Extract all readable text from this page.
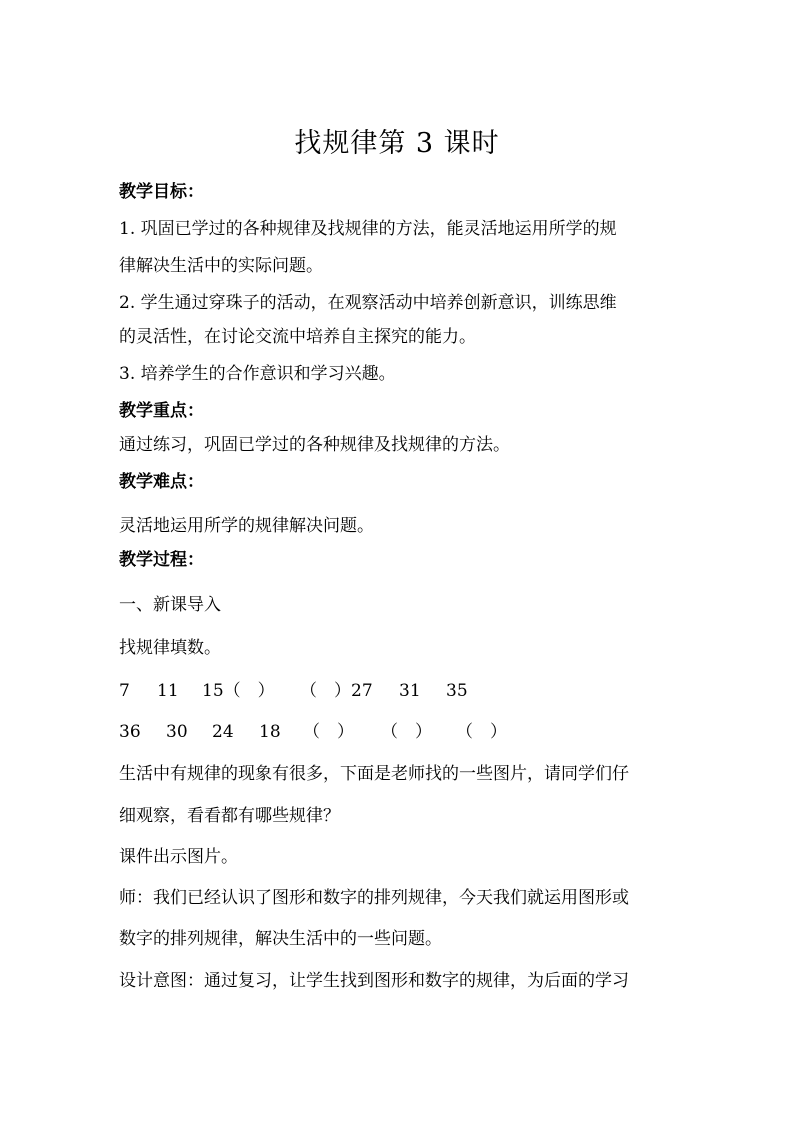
找规律第 3 课时
教学目标：
1. 巩固已学过的各种规律及找规律的方法，能灵活地运用所学的规
律解决生活中的实际问题。
2. 学生通过穿珠子的活动，在观察活动中培养创新意识，训练思维
的灵活性，在讨论交流中培养自主探究的能力。
3. 培养学生的合作意识和学习兴趣。
教学重点：
通过练习，巩固已学过的各种规律及找规律的方法。
教学难点：
灵活地运用所学的规律解决问题。
教学过程：
一、新课导入
找规律填数。
7 11 15（　） （　）27 31 35
36 30 24 18 （　） （　） （　）
生活中有规律的现象有很多，下面是老师找的一些图片，请同学们仔
细观察，看看都有哪些规律？
课件出示图片。
师：我们已经认识了图形和数字的排列规律，今天我们就运用图形或
数字的排列规律，解决生活中的一些问题。
设计意图：通过复习，让学生找到图形和数字的规律，为后面的学习
